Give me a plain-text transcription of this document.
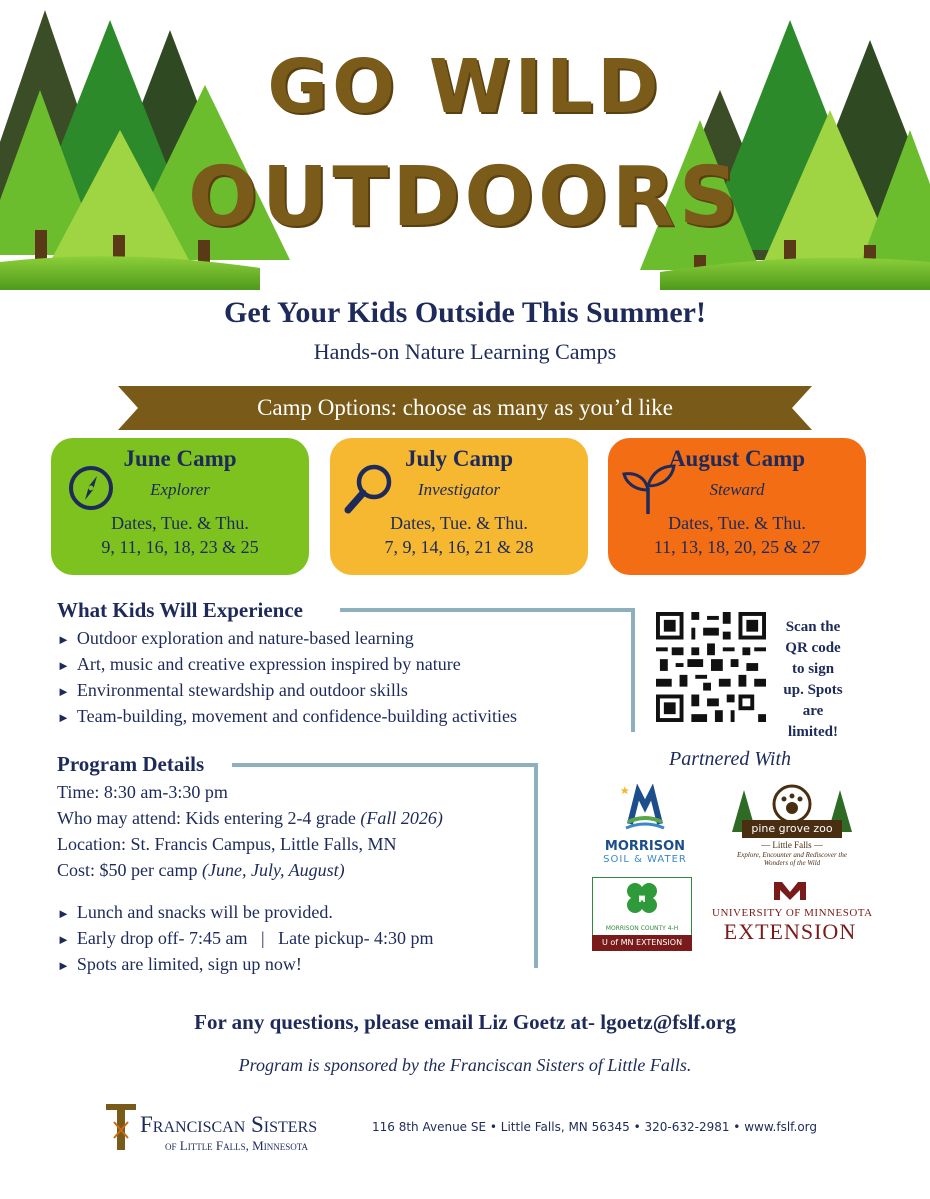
GO WILD
OUTDOORS
Get Your Kids Outside This Summer!
Hands-on Nature Learning Camps
Camp Options: choose as many as you’d like
June Camp
Explorer
Dates, Tue. & Thu.
9, 11, 16, 18, 23 & 25
July Camp
Investigator
Dates, Tue. & Thu.
7, 9, 14, 16, 21 & 28
August Camp
Steward
Dates, Tue. & Thu.
11, 13, 18, 20, 25 & 27
What Kids Will Experience
► Outdoor exploration and nature-based learning
► Art, music and creative expression inspired by nature
► Environmental stewardship and outdoor skills
► Team-building, movement and confidence-building activities
Scan the QR code to sign up. Spots are limited!
Program Details
Time: 8:30 am-3:30 pm
Who may attend: Kids entering 2-4 grade (Fall 2026)
Location: St. Francis Campus, Little Falls, MN
Cost: $50 per camp (June, July, August)
► Lunch and snacks will be provided.
► Early drop off- 7:45 am   |   Late pickup- 4:30 pm
► Spots are limited, sign up now!
Partnered With
MORRISON
SOIL & WATER
pine grove zoo
— Little Falls —
Explore, Encounter and Rediscover the Wonders of the Wild
H
MORRISON COUNTY 4-H
U of MN EXTENSION
UNIVERSITY OF MINNESOTA
EXTENSION
For any questions, please email Liz Goetz at- lgoetz@fslf.org
Program is sponsored by the Franciscan Sisters of Little Falls.
Franciscan Sisters
of Little Falls, Minnesota
116 8th Avenue SE • Little Falls, MN 56345 • 320-632-2981 • www.fslf.org
